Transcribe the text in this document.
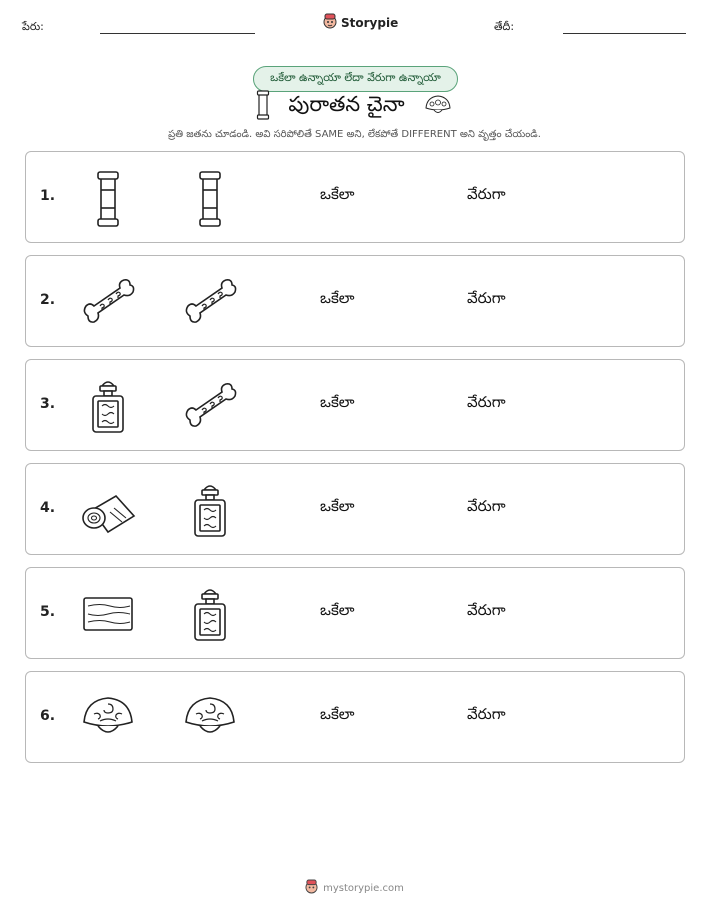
పేరు:	Storypie	తేదీ:
ఒకేలా ఉన్నాయా లేదా వేరుగా ఉన్నాయా
పురాతన చైనా
ప్రతి జతను చూడండి. అవి సరిపోలితే SAME అని, లేకపోతే DIFFERENT అని వృత్తం చేయండి.
1.	ఒకేలా	వేరుగా
2.	ఒకేలా	వేరుగా
3.	ఒకేలా	వేరుగా
4.	ఒకేలా	వేరుగా
5.	ఒకేలా	వేరుగా
6.	ఒకేలా	వేరుగా
mystorypie.com
